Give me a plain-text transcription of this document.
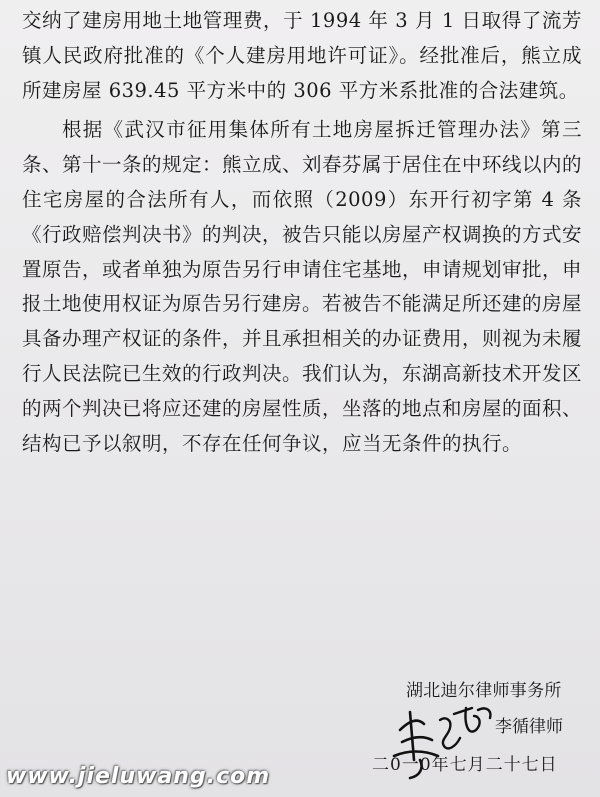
交纳了建房用地土地管理费，于 1994 年 3 月 1 日取得了流芳镇人民政府批准的《个人建房用地许可证》。经批准后，熊立成所建房屋 639.45 平方米中的 306 平方米系批准的合法建筑。

根据《武汉市征用集体所有土地房屋拆迁管理办法》第三条、第十一条的规定：熊立成、刘春芬属于居住在中环线以内的住宅房屋的合法所有人，而依照（2009）东开行初字第 4 条《行政赔偿判决书》的判决，被告只能以房屋产权调换的方式安置原告，或者单独为原告另行申请住宅基地，申请规划审批，申报土地使用权证为原告另行建房。若被告不能满足所还建的房屋具备办理产权证的条件，并且承担相关的办证费用，则视为未履行人民法院已生效的行政判决。我们认为，东湖高新技术开发区的两个判决已将应还建的房屋性质，坐落的地点和房屋的面积、结构已予以叙明，不存在任何争议，应当无条件的执行。

湖北迪尔律师事务所
李循律师
二0一0年七月二十七日
www.jieluwang.com
